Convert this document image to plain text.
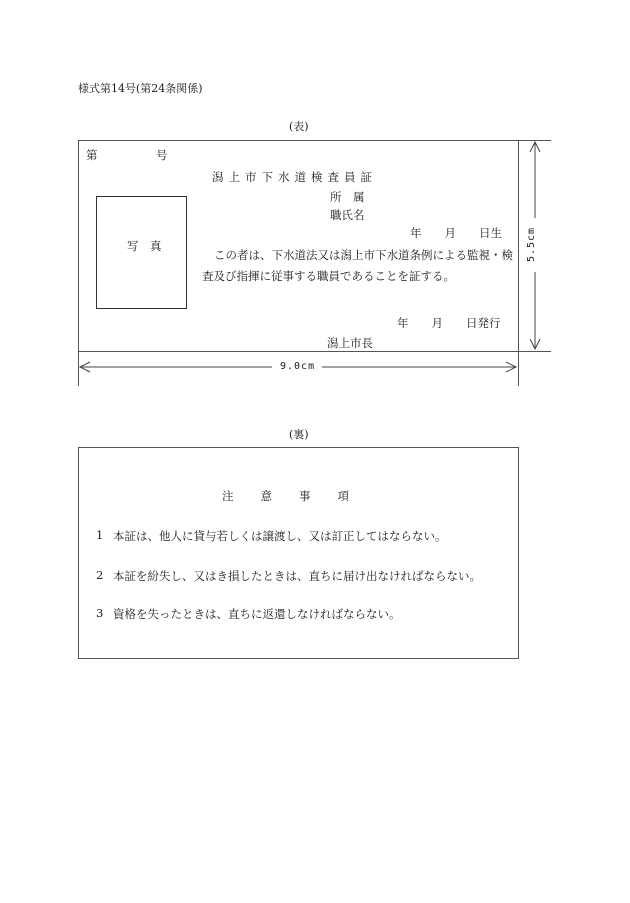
様式第14号(第24条関係)
(表)
第	号
潟上市下水道検査員証
所　属
職氏名
年　　月　　日生
写　真
この者は、下水道法又は潟上市下水道条例による監視・検
査及び指揮に従事する職員であることを証する。
年　　月　　日発行
潟上市長
9.0cm
5.5cm
(裏)
注意事項
1 本証は、他人に貸与若しくは譲渡し、又は訂正してはならない。
2 本証を紛失し、又はき損したときは、直ちに届け出なければならない。
3 資格を失ったときは、直ちに返還しなければならない。
